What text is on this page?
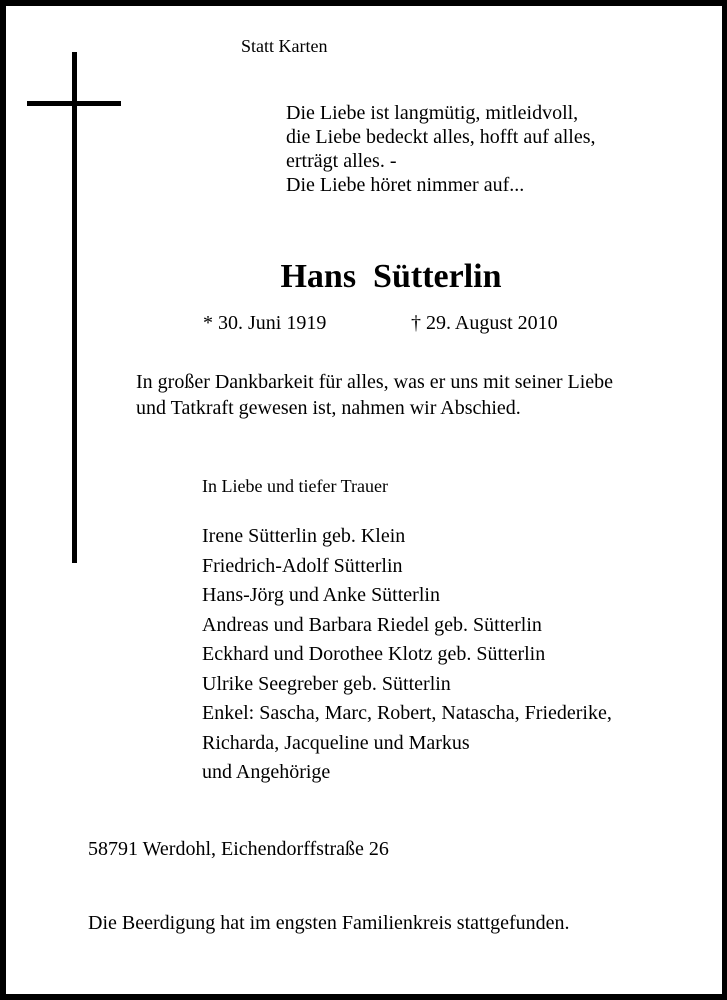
Statt Karten
Die Liebe ist langmütig, mitleidvoll,
die Liebe bedeckt alles, hofft auf alles,
erträgt alles. -
Die Liebe höret nimmer auf...
Hans  Sütterlin
* 30. Juni 1919	† 29. August 2010
In großer Dankbarkeit für alles, was er uns mit seiner Liebe
und Tatkraft gewesen ist, nahmen wir Abschied.
In Liebe und tiefer Trauer
Irene Sütterlin geb. Klein
Friedrich-Adolf Sütterlin
Hans-Jörg und Anke Sütterlin
Andreas und Barbara Riedel geb. Sütterlin
Eckhard und Dorothee Klotz geb. Sütterlin
Ulrike Seegreber geb. Sütterlin
Enkel: Sascha, Marc, Robert, Natascha, Friederike,
Richarda, Jacqueline und Markus
und Angehörige
58791 Werdohl, Eichendorffstraße 26
Die Beerdigung hat im engsten Familienkreis stattgefunden.
